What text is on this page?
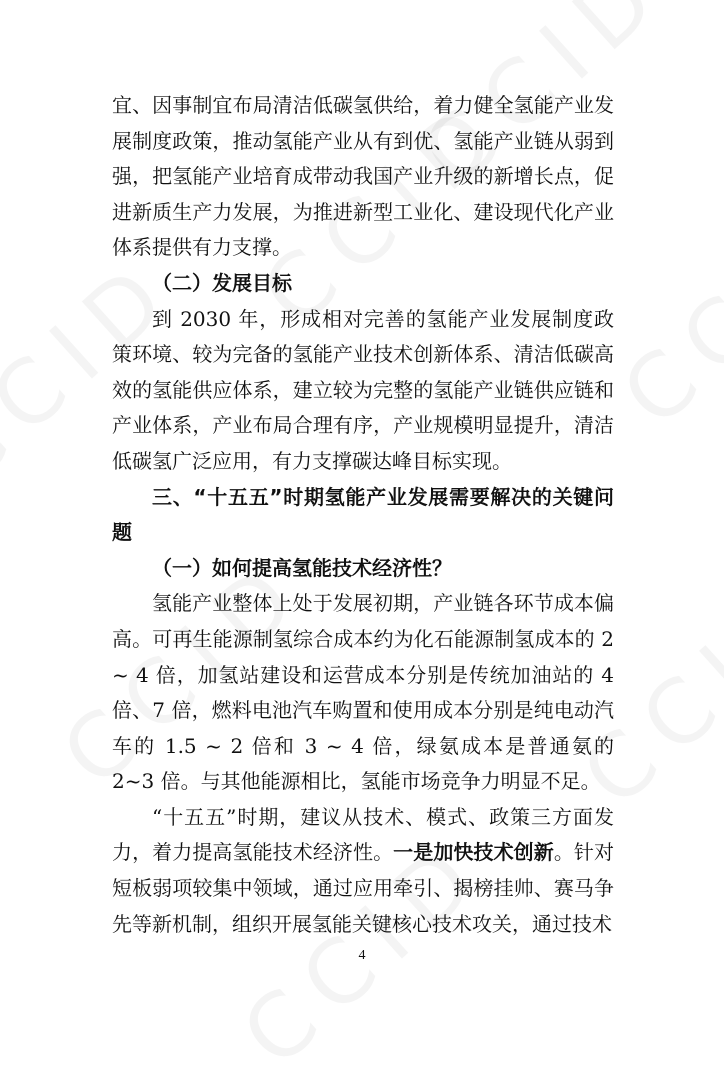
宜、因事制宜布局清洁低碳氢供给，着力健全氢能产业发展制度政策，推动氢能产业从有到优、氢能产业链从弱到强，把氢能产业培育成带动我国产业升级的新增长点，促进新质生产力发展，为推进新型工业化、建设现代化产业体系提供有力支撑。

（二）发展目标

到 2030 年，形成相对完善的氢能产业发展制度政策环境、较为完备的氢能产业技术创新体系、清洁低碳高效的氢能供应体系，建立较为完整的氢能产业链供应链和产业体系，产业布局合理有序，产业规模明显提升，清洁低碳氢广泛应用，有力支撑碳达峰目标实现。

三、“十五五”时期氢能产业发展需要解决的关键问题

（一）如何提高氢能技术经济性？

氢能产业整体上处于发展初期，产业链各环节成本偏高。可再生能源制氢综合成本约为化石能源制氢成本的 2 ~ 4 倍，加氢站建设和运营成本分别是传统加油站的 4 倍、7 倍，燃料电池汽车购置和使用成本分别是纯电动汽车的 1.5 ~ 2 倍和 3 ~ 4 倍，绿氨成本是普通氨的 2~3 倍。与其他能源相比，氢能市场竞争力明显不足。

“十五五”时期，建议从技术、模式、政策三方面发力，着力提高氢能技术经济性。一是加快技术创新。针对短板弱项较集中领域，通过应用牵引、揭榜挂帅、赛马争先等新机制，组织开展氢能关键核心技术攻关，通过技术

4
